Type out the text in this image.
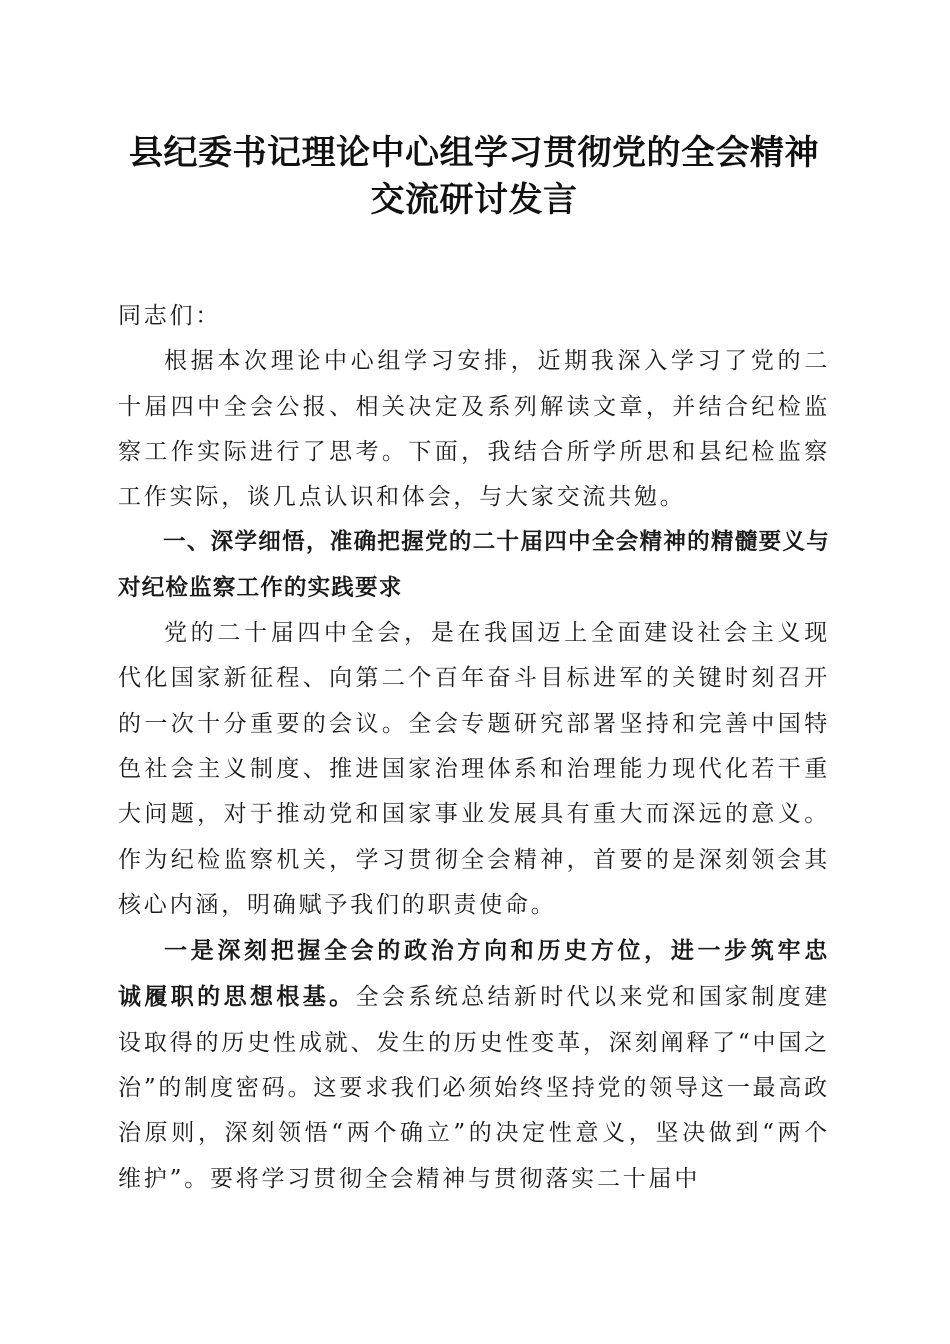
县纪委书记理论中心组学习贯彻党的全会精神
交流研讨发言

同志们：

根据本次理论中心组学习安排，近期我深入学习了党的二十届四中全会公报、相关决定及系列解读文章，并结合纪检监察工作实际进行了思考。下面，我结合所学所思和县纪检监察工作实际，谈几点认识和体会，与大家交流共勉。

一、深学细悟，准确把握党的二十届四中全会精神的精髓要义与对纪检监察工作的实践要求

党的二十届四中全会，是在我国迈上全面建设社会主义现代化国家新征程、向第二个百年奋斗目标进军的关键时刻召开的一次十分重要的会议。全会专题研究部署坚持和完善中国特色社会主义制度、推进国家治理体系和治理能力现代化若干重大问题，对于推动党和国家事业发展具有重大而深远的意义。作为纪检监察机关，学习贯彻全会精神，首要的是深刻领会其核心内涵，明确赋予我们的职责使命。

一是深刻把握全会的政治方向和历史方位，进一步筑牢忠诚履职的思想根基。全会系统总结新时代以来党和国家制度建设取得的历史性成就、发生的历史性变革，深刻阐释了“中国之治”的制度密码。这要求我们必须始终坚持党的领导这一最高政治原则，深刻领悟“两个确立”的决定性意义，坚决做到“两个维护”。要将学习贯彻全会精神与贯彻落实二十届中
